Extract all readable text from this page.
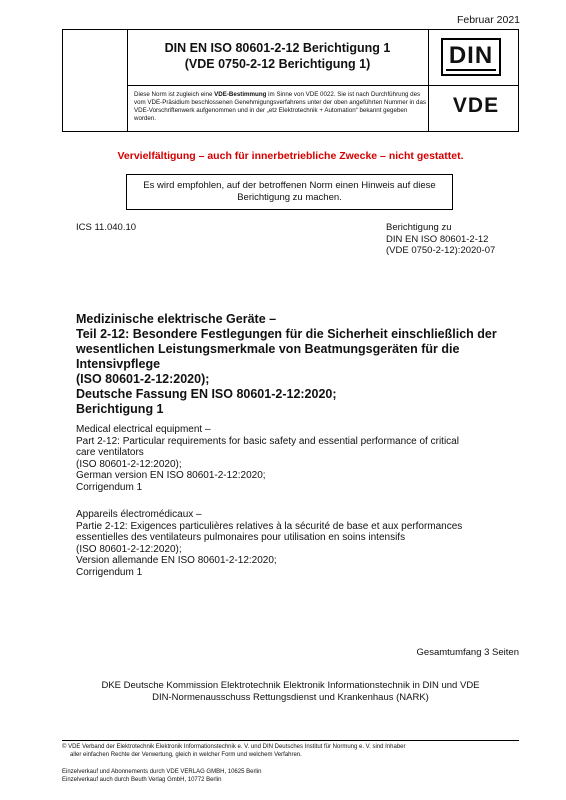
Februar 2021
DIN EN ISO 80601-2-12 Berichtigung 1
(VDE 0750-2-12 Berichtigung 1)	DIN
Diese Norm ist zugleich eine VDE-Bestimmung im Sinne von VDE 0022. Sie ist nach Durchführung des vom VDE-Präsidium beschlossenen Genehmigungsverfahrens unter der oben angeführten Nummer in das VDE-Vorschriftenwerk aufgenommen und in der „etz Elektrotechnik + Automation“ bekannt gegeben worden.
VDE
Vervielfältigung – auch für innerbetriebliche Zwecke – nicht gestattet.
Es wird empfohlen, auf der betroffenen Norm einen Hinweis auf diese Berichtigung zu machen.
ICS 11.040.10	Berichtigung zu
DIN EN ISO 80601-2-12
(VDE 0750-2-12):2020-07
Medizinische elektrische Geräte –
Teil 2-12: Besondere Festlegungen für die Sicherheit einschließlich der
wesentlichen Leistungsmerkmale von Beatmungsgeräten für die
Intensivpflege
(ISO 80601-2-12:2020);
Deutsche Fassung EN ISO 80601-2-12:2020;
Berichtigung 1
Medical electrical equipment –
Part 2-12: Particular requirements for basic safety and essential performance of critical
care ventilators
(ISO 80601-2-12:2020);
German version EN ISO 80601-2-12:2020;
Corrigendum 1
Appareils électromédicaux –
Partie 2-12: Exigences particulières relatives à la sécurité de base et aux performances
essentielles des ventilateurs pulmonaires pour utilisation en soins intensifs
(ISO 80601-2-12:2020);
Version allemande EN ISO 80601-2-12:2020;
Corrigendum 1
Gesamtumfang 3 Seiten
DKE Deutsche Kommission Elektrotechnik Elektronik Informationstechnik in DIN und VDE
DIN-Normenausschuss Rettungsdienst und Krankenhaus (NARK)
© VDE Verband der Elektrotechnik Elektronik Informationstechnik e. V. und DIN Deutsches Institut für Normung e. V. sind Inhaber
aller einfachen Rechte der Verwertung, gleich in welcher Form und welchem Verfahren.
Einzelverkauf und Abonnements durch VDE VERLAG GMBH, 10625 Berlin
Einzelverkauf auch durch Beuth Verlag GmbH, 10772 Berlin
